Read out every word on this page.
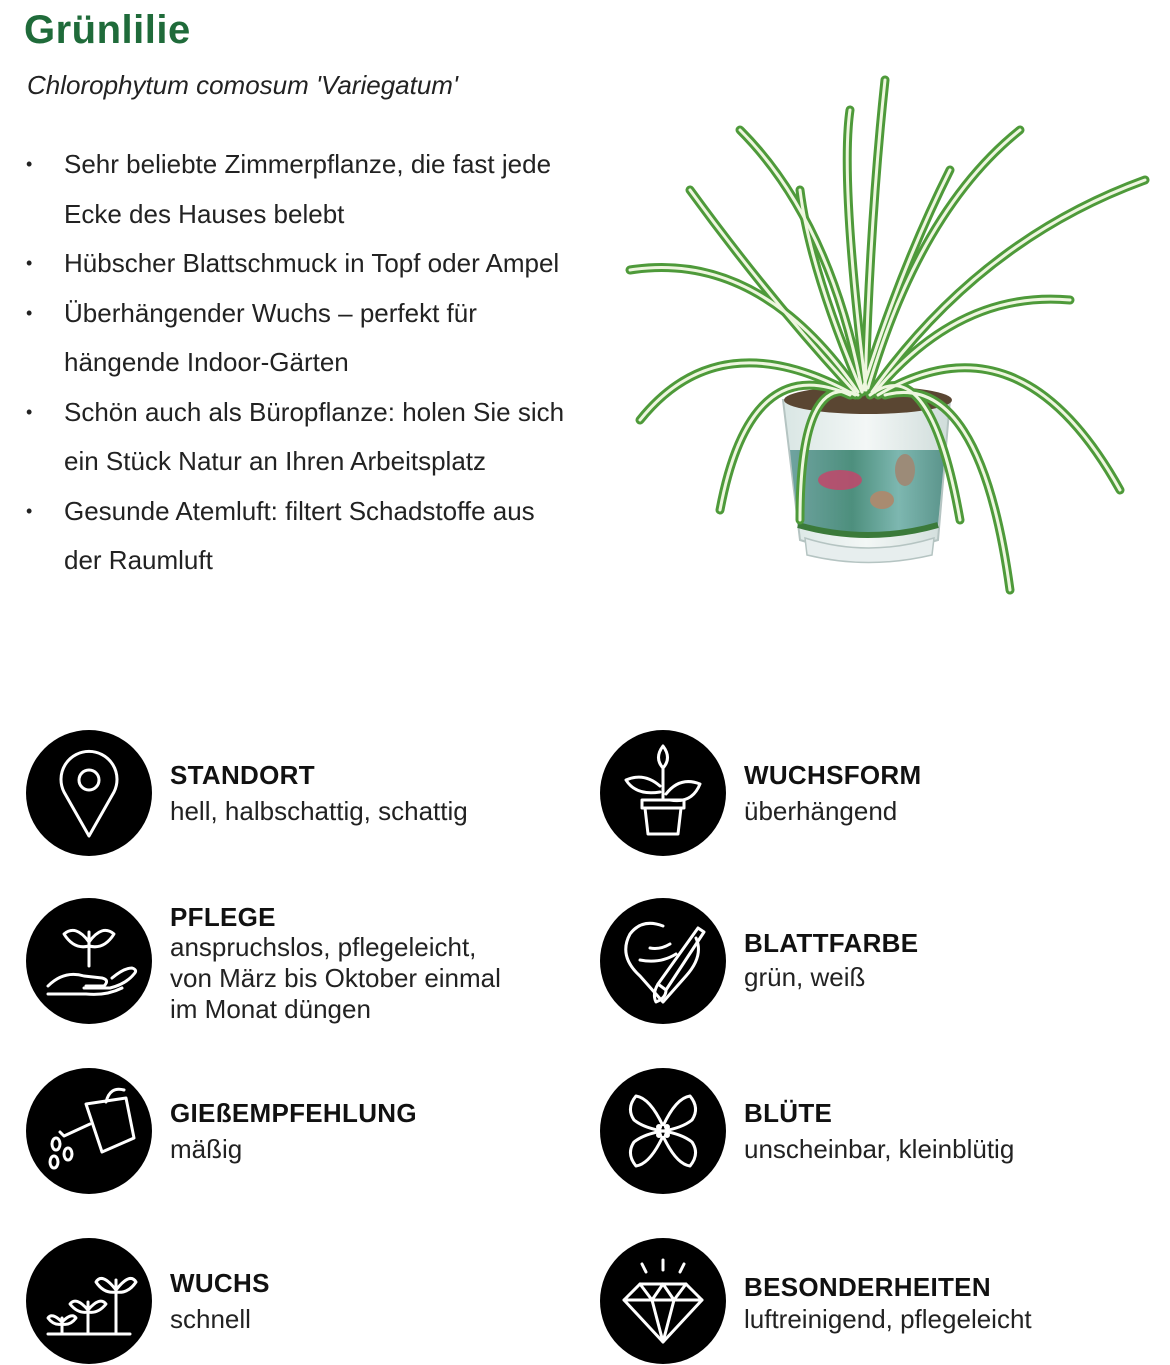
Grünlilie
Chlorophytum comosum 'Variegatum'
• Sehr beliebte Zimmerpflanze, die fast jede
Ecke des Hauses belebt
• Hübscher Blattschmuck in Topf oder Ampel
• Überhängender Wuchs – perfekt für
hängende Indoor-Gärten
• Schön auch als Büropflanze: holen Sie sich
ein Stück Natur an Ihren Arbeitsplatz
• Gesunde Atemluft: filtert Schadstoffe aus
der Raumluft
STANDORT
hell, halbschattig, schattig
WUCHSFORM
überhängend
PFLEGE
anspruchslos, pflegeleicht,
von März bis Oktober einmal
im Monat düngen
BLATTFARBE
grün, weiß
GIEßEMPFEHLUNG
mäßig
BLÜTE
unscheinbar, kleinblütig
WUCHS
schnell
BESONDERHEITEN
luftreinigend, pflegeleicht
